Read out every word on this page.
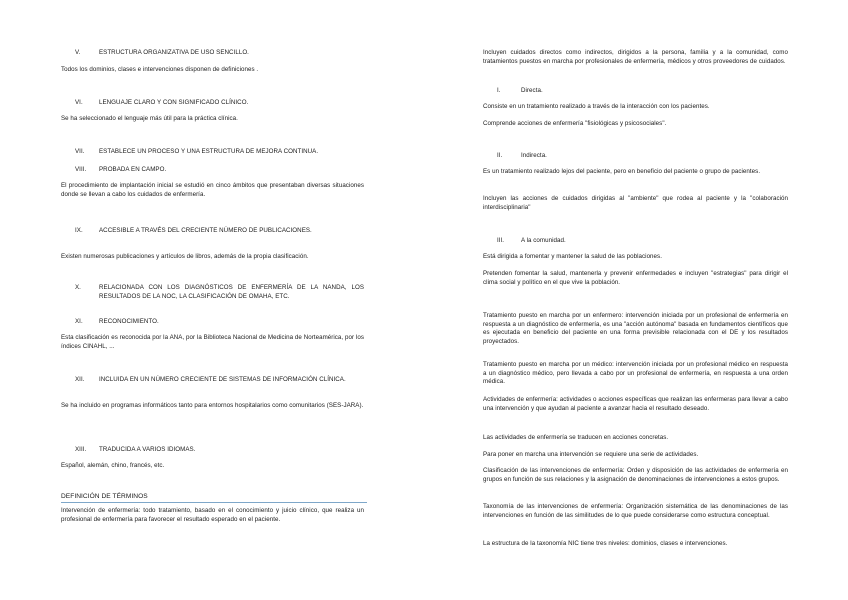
V.	ESTRUCTURA ORGANIZATIVA DE USO SENCILLO.
Todos los dominios, clases e intervenciones disponen de definiciones .
VI.	LENGUAJE CLARO Y CON SIGNIFICADO CLÍNICO.
Se ha seleccionado el lenguaje más útil para la práctica clínica.
VII.	ESTABLECE UN PROCESO Y UNA ESTRUCTURA DE MEJORA CONTINUA.
VIII.	PROBADA EN CAMPO.
El procedimiento de implantación inicial se estudió en cinco ámbitos que presentaban diversas situaciones donde se llevan a cabo los cuidados de enfermería.
IX.	ACCESIBLE A TRAVÉS DEL CRECIENTE NÚMERO DE PUBLICACIONES.
Existen numerosas publicaciones y artículos de libros, además de la propia clasificación.
X.	RELACIONADA CON LOS DIAGNÓSTICOS DE ENFERMERÍA DE LA NANDA, LOS RESULTADOS DE LA NOC, LA CLASIFICACIÓN DE OMAHA, ETC.
XI.	RECONOCIMIENTO.
Esta clasificación es reconocida por la ANA, por la Biblioteca Nacional de Medicina de Norteamérica, por los índices CINAHL, ...
XII.	INCLUIDA EN UN NÚMERO CRECIENTE DE SISTEMAS DE INFORMACIÓN CLÍNICA.
Se ha incluido en programas informáticos tanto para entornos hospitalarios como comunitarios (SES-JARA).
XIII.	TRADUCIDA A VARIOS IDIOMAS.
Español, alemán, chino, francés, etc.
DEFINICIÓN DE TÉRMINOS
Intervención de enfermería: todo tratamiento, basado en el conocimiento y juicio clínico, que realiza un profesional de enfermería para favorecer el resultado esperado en el paciente.
Incluyen cuidados directos como indirectos, dirigidos a la persona, familia y a la comunidad, como tratamientos puestos en marcha por profesionales de enfermería, médicos y otros proveedores de cuidados.
I.	Directa.
Consiste en un tratamiento realizado a través de la interacción con los pacientes.
Comprende acciones de enfermería "fisiológicas y psicosociales".
II.	Indirecta.
Es un tratamiento realizado lejos del paciente, pero en beneficio del paciente o grupo de pacientes.
Incluyen las acciones de cuidados dirigidas al "ambiente" que rodea al paciente y la "colaboración interdisciplinaria"
III.	A la comunidad.
Está dirigida a fomentar y mantener la salud de las poblaciones.
Pretenden fomentar la salud, mantenerla y prevenir enfermedades e incluyen "estrategias" para dirigir el clima social y político en el que vive la población.
Tratamiento puesto en marcha por un enfermero: intervención iniciada por un profesional de enfermería en respuesta a un diagnóstico de enfermería, es una "acción autónoma" basada en fundamentos científicos que es ejecutada en beneficio del paciente en una forma previsible relacionada con el DE y los resultados proyectados.
Tratamiento puesto en marcha por un médico: intervención iniciada por un profesional médico en respuesta a un diagnóstico médico, pero llevada a cabo por un profesional de enfermería, en respuesta a una orden médica.
Actividades de enfermería: actividades o acciones específicas que realizan las enfermeras para llevar a cabo una intervención y que ayudan al paciente a avanzar hacia el resultado deseado.
Las actividades de enfermería se traducen en acciones concretas.
Para poner en marcha una intervención se requiere una serie de actividades.
Clasificación de las intervenciones de enfermería: Orden y disposición de las actividades de enfermería en grupos en función de sus relaciones y la asignación de denominaciones de intervenciones a estos grupos.
Taxonomía de las intervenciones de enfermería: Organización sistemática de las denominaciones de las intervenciones en función de las similitudes de lo que puede considerarse como estructura conceptual.
La estructura de la taxonomía NIC tiene tres niveles: dominios, clases e intervenciones.
